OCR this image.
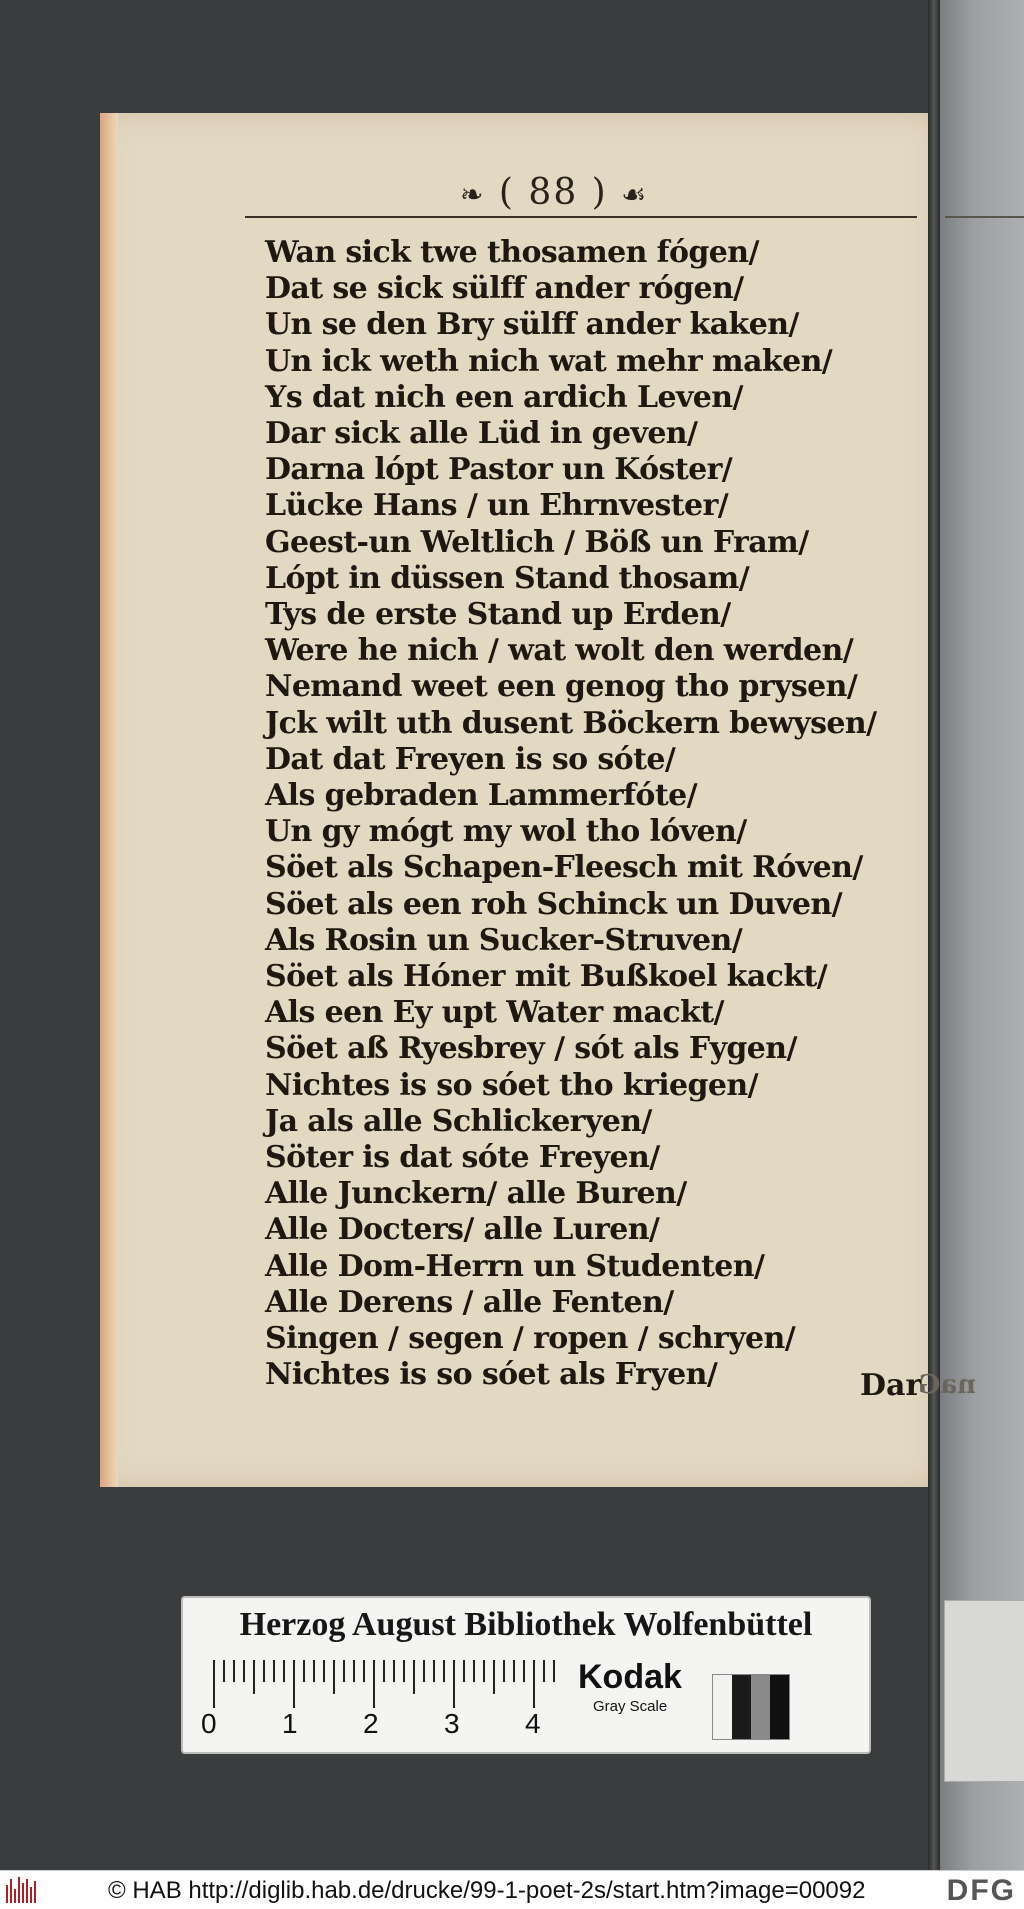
❧ ( 88 ) ☙
Wan sick twe thosamen fógen/
Dat se sick sülff ander rógen/
Un se den Bry sülff ander kaken/
Un ick weth nich wat mehr maken/
Ys dat nich een ardich Leven/
Dar sick alle Lüd in geven/
Darna lópt Pastor un Kóster/
Lücke Hans / un Ehrnvester/
Geest-un Weltlich / Böß un Fram/
Lópt in düssen Stand thosam/
Tys de erste Stand up Erden/
Were he nich / wat wolt den werden/
Nemand weet een genog tho prysen/
Jck wilt uth dusent Böckern bewysen/
Dat dat Freyen is so sóte/
Als gebraden Lammerfóte/
Un gy mógt my wol tho lóven/
Söet als Schapen-Fleesch mit Róven/
Söet als een roh Schinck un Duven/
Als Rosin un Sucker-Struven/
Söet als Hóner mit Bußkoel kackt/
Als een Ey upt Water mackt/
Söet aß Ryesbrey / sót als Fygen/
Nichtes is so sóet tho kriegen/
Ja als alle Schlickeryen/
Söter is dat sóte Freyen/
Alle Junckern/ alle Buren/
Alle Docters/ alle Luren/
Alle Dom-Herrn un Studenten/
Alle Derens / alle Fenten/
Singen / segen / ropen / schryen/
Nichtes is so sóet als Fryen/	Dar
naG
Herzog August Bibliothek Wolfenbüttel
0 1 2 3 4
Kodak
Gray Scale
© HAB http://diglib.hab.de/drucke/99-1-poet-2s/start.htm?image=00092	DFG
